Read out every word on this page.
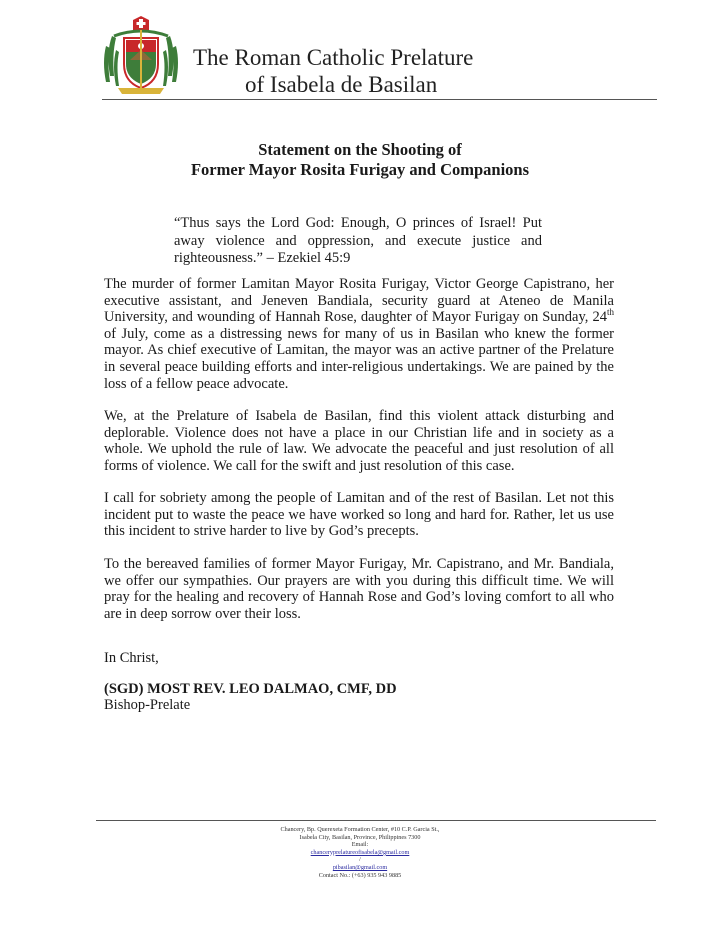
The Roman Catholic Prelature
of Isabela de Basilan
Statement on the Shooting of
Former Mayor Rosita Furigay and Companions
“Thus says the Lord God: Enough, O princes of Israel! Put away violence and oppression, and execute justice and righteousness.” – Ezekiel 45:9
The murder of former Lamitan Mayor Rosita Furigay, Victor George Capistrano, her executive assistant, and Jeneven Bandiala, security guard at Ateneo de Manila University, and wounding of Hannah Rose, daughter of Mayor Furigay on Sunday, 24th of July, come as a distressing news for many of us in Basilan who knew the former mayor. As chief executive of Lamitan, the mayor was an active partner of the Prelature in several peace building efforts and inter-religious undertakings. We are pained by the loss of a fellow peace advocate.
We, at the Prelature of Isabela de Basilan, find this violent attack disturbing and deplorable. Violence does not have a place in our Christian life and in society as a whole. We uphold the rule of law. We advocate the peaceful and just resolution of all forms of violence. We call for the swift and just resolution of this case.
I call for sobriety among the people of Lamitan and of the rest of Basilan. Let not this incident put to waste the peace we have worked so long and hard for. Rather, let us use this incident to strive harder to live by God’s precepts.
To the bereaved families of former Mayor Furigay, Mr. Capistrano, and Mr. Bandiala, we offer our sympathies. Our prayers are with you during this difficult time. We will pray for the healing and recovery of Hannah Rose and God’s loving comfort to all who are in deep sorrow over their loss.
In Christ,
(SGD) MOST REV. LEO DALMAO, CMF, DD
Bishop-Prelate
Chancery, Bp. Querexeta Formation Center, #10 C.P. Garcia St.,
Isabela City, Basilan, Province, Philippines 7300
Email:
chanceryprelatureofisabela@gmail.com
/
pibasilan@gmail.com
Contact No.: (+63) 935 943 9885
